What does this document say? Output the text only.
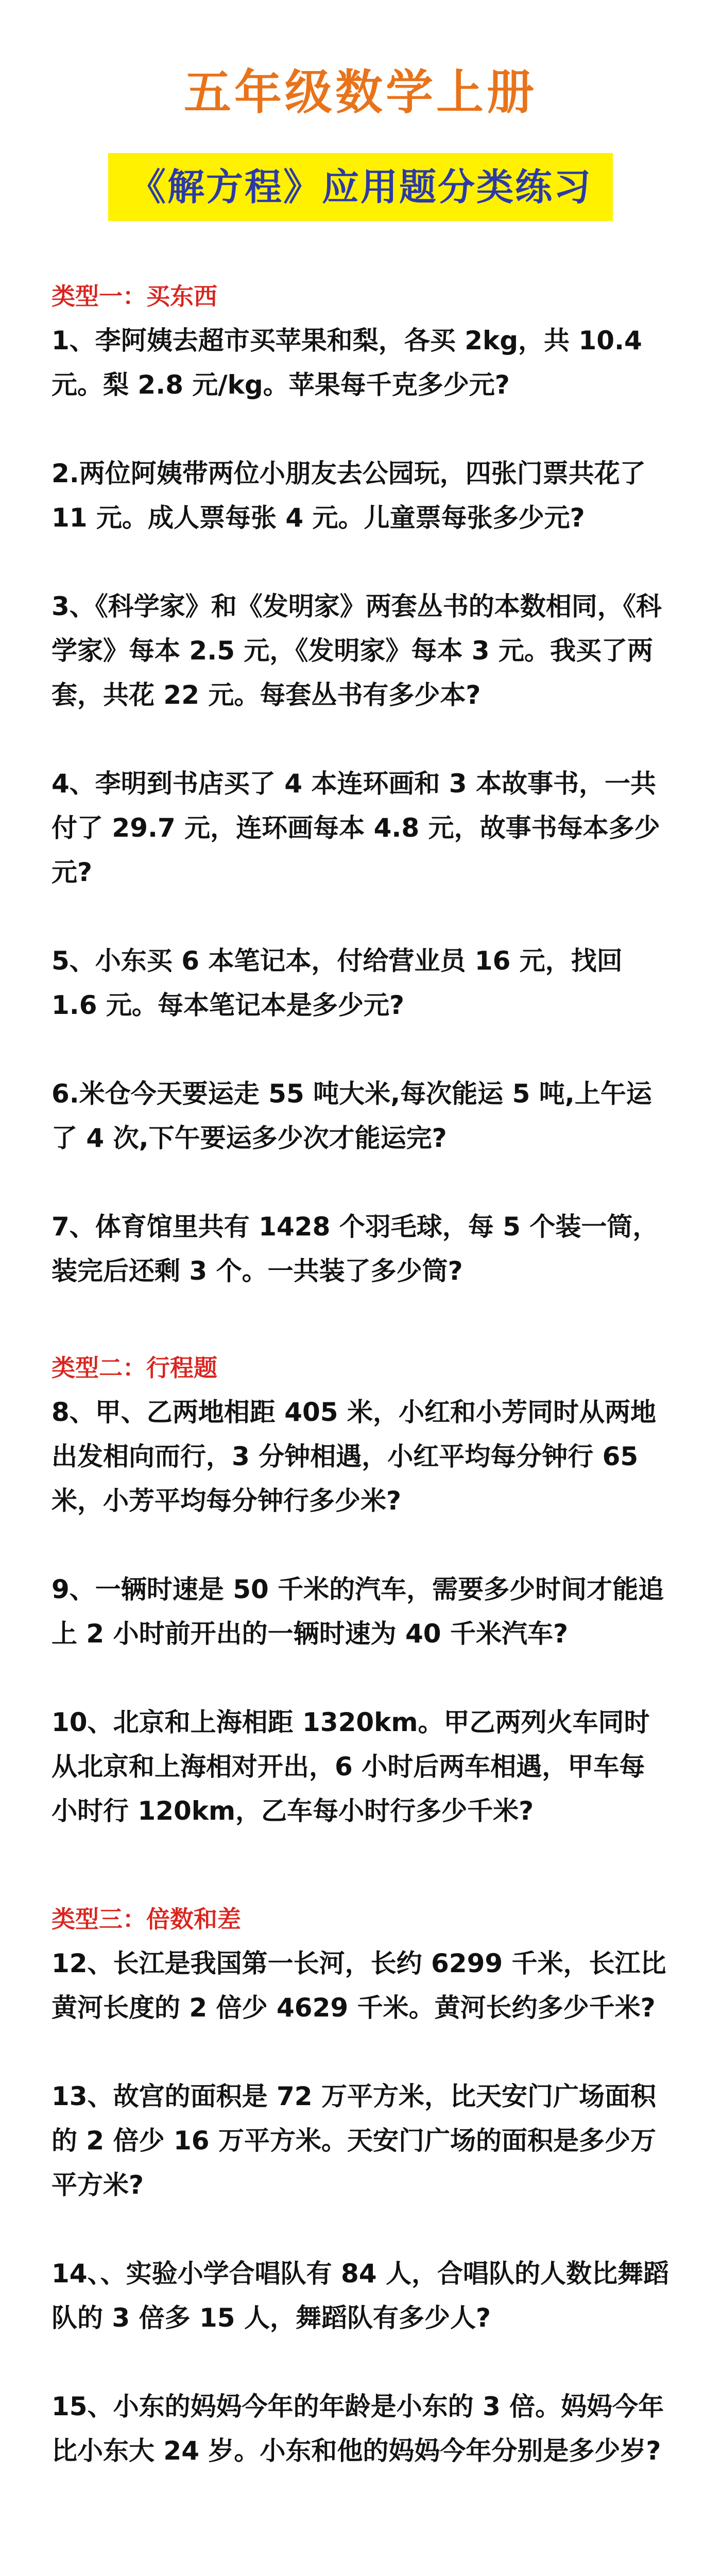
五年级数学上册
《解方程》应用题分类练习
类型一：买东西

1、李阿姨去超市买苹果和梨，各买 2kg，共 10.4 元。梨 2.8 元/kg。苹果每千克多少元?

2.两位阿姨带两位小朋友去公园玩，四张门票共花了 11 元。成人票每张 4 元。儿童票每张多少元?

3、《科学家》和《发明家》两套丛书的本数相同，《科学家》每本 2.5 元，《发明家》每本 3 元。我买了两套，共花 22 元。每套丛书有多少本?

4、李明到书店买了 4 本连环画和 3 本故事书，一共付了 29.7 元，连环画每本 4.8 元，故事书每本多少元?

5、小东买 6 本笔记本，付给营业员 16 元，找回 1.6 元。每本笔记本是多少元?

6.米仓今天要运走 55 吨大米,每次能运 5 吨,上午运了 4 次,下午要运多少次才能运完?

7、体育馆里共有 1428 个羽毛球，每 5 个装一筒，装完后还剩 3 个。一共装了多少筒?

类型二：行程题

8、甲、乙两地相距 405 米，小红和小芳同时从两地出发相向而行，3 分钟相遇，小红平均每分钟行 65 米，小芳平均每分钟行多少米?

9、一辆时速是 50 千米的汽车，需要多少时间才能追上 2 小时前开出的一辆时速为 40 千米汽车?

10、北京和上海相距 1320km。甲乙两列火车同时从北京和上海相对开出，6 小时后两车相遇，甲车每小时行 120km，乙车每小时行多少千米?

类型三：倍数和差

12、长江是我国第一长河，长约 6299 千米，长江比黄河长度的 2 倍少 4629 千米。黄河长约多少千米?

13、故宫的面积是 72 万平方米，比天安门广场面积的 2 倍少 16 万平方米。天安门广场的面积是多少万平方米?

14、、实验小学合唱队有 84 人，合唱队的人数比舞蹈队的 3 倍多 15 人，舞蹈队有多少人?

15、小东的妈妈今年的年龄是小东的 3 倍。妈妈今年比小东大 24 岁。小东和他的妈妈今年分别是多少岁?
